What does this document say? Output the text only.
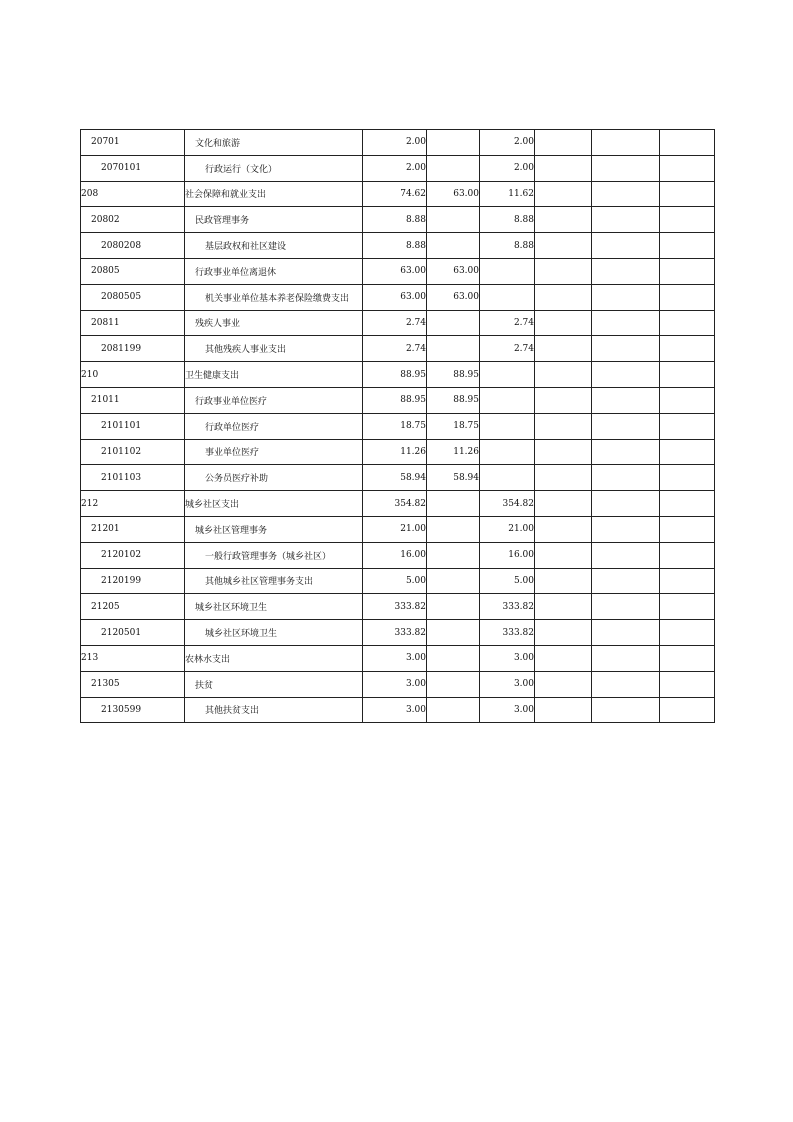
20701	文化和旅游	2.00		2.00			
2070101	行政运行（文化）	2.00		2.00			
208	社会保障和就业支出	74.62	63.00	11.62			
20802	民政管理事务	8.88		8.88			
2080208	基层政权和社区建设	8.88		8.88			
20805	行政事业单位离退休	63.00	63.00				
2080505	机关事业单位基本养老保险缴费支出	63.00	63.00				
20811	残疾人事业	2.74		2.74			
2081199	其他残疾人事业支出	2.74		2.74			
210	卫生健康支出	88.95	88.95				
21011	行政事业单位医疗	88.95	88.95				
2101101	行政单位医疗	18.75	18.75				
2101102	事业单位医疗	11.26	11.26				
2101103	公务员医疗补助	58.94	58.94				
212	城乡社区支出	354.82		354.82			
21201	城乡社区管理事务	21.00		21.00			
2120102	一般行政管理事务（城乡社区）	16.00		16.00			
2120199	其他城乡社区管理事务支出	5.00		5.00			
21205	城乡社区环境卫生	333.82		333.82			
2120501	城乡社区环境卫生	333.82		333.82			
213	农林水支出	3.00		3.00			
21305	扶贫	3.00		3.00			
2130599	其他扶贫支出	3.00		3.00			
